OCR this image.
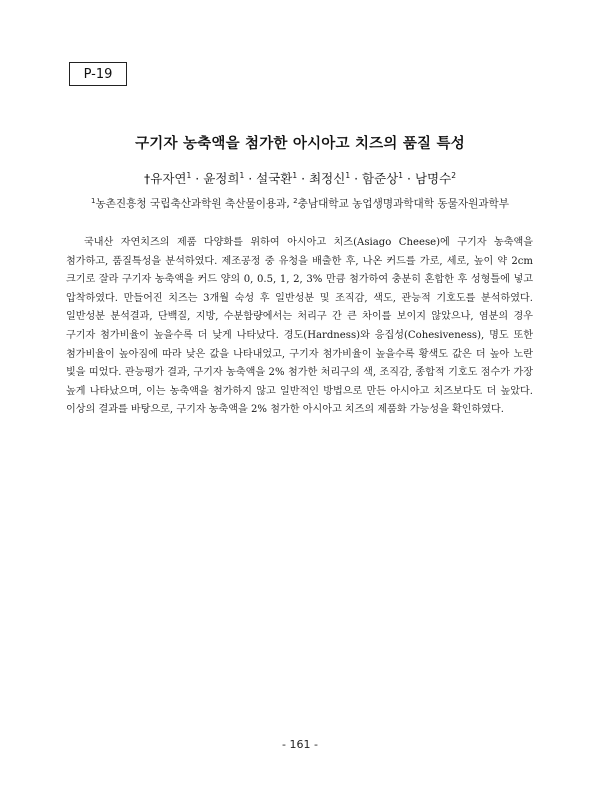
P-19
구기자 농축액을 첨가한 아시아고 치즈의 품질 특성
†유자연$^1$ · 윤정희$^1$ · 설국환$^1$ · 최정신$^1$ · 함준상$^1$ · 남명수$^2$
$^1$농촌진흥청 국립축산과학원 축산물이용과, $^2$충남대학교 농업생명과학대학 동물자원과학부

국내산 자연치즈의 제품 다양화를 위하여 아시아고 치즈(Asiago Cheese)에 구기자 농축액을 첨가하고, 품질특성을 분석하였다. 제조공정 중 유청을 배출한 후, 나온 커드를 가로, 세로, 높이 약 2cm 크기로 잘라 구기자 농축액을 커드 양의 0, 0.5, 1, 2, 3% 만큼 첨가하여 충분히 혼합한 후 성형틀에 넣고 압착하였다. 만들어진 치즈는 3개월 숙성 후 일반성분 및 조직감, 색도, 관능적 기호도를 분석하였다. 일반성분 분석결과, 단백질, 지방, 수분함량에서는 처리구 간 큰 차이를 보이지 않았으나, 염분의 경우 구기자 첨가비율이 높을수록 더 낮게 나타났다. 경도(Hardness)와 응집성(Cohesiveness), 명도 또한 첨가비율이 높아짐에 따라 낮은 값을 나타내었고, 구기자 첨가비율이 높을수록 황색도 값은 더 높아 노란 빛을 띠었다. 관능평가 결과, 구기자 농축액을 2% 첨가한 처리구의 색, 조직감, 종합적 기호도 점수가 가장 높게 나타났으며, 이는 농축액을 첨가하지 않고 일반적인 방법으로 만든 아시아고 치즈보다도 더 높았다. 이상의 결과를 바탕으로, 구기자 농축액을 2% 첨가한 아시아고 치즈의 제품화 가능성을 확인하였다.

- 161 -
